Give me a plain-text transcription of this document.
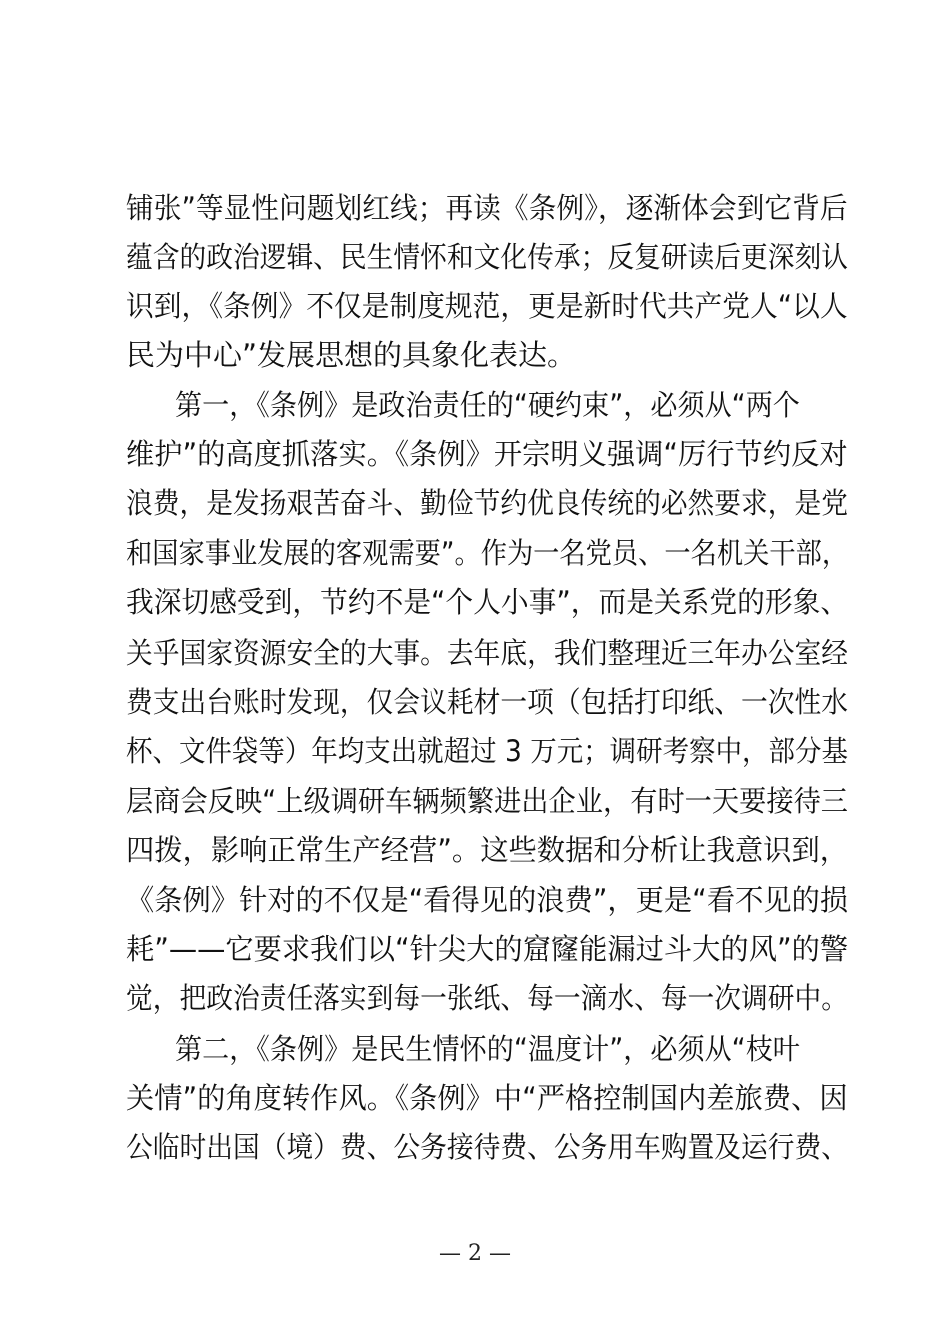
铺张”等显性问题划红线；再读《条例》，逐渐体会到它背后
蕴含的政治逻辑、民生情怀和文化传承；反复研读后更深刻认
识到，《条例》不仅是制度规范，更是新时代共产党人“以人
民为中心”发展思想的具象化表达。
第一，《条例》是政治责任的“硬约束”，必须从“两个
维护”的高度抓落实。《条例》开宗明义强调“厉行节约反对
浪费，是发扬艰苦奋斗、勤俭节约优良传统的必然要求，是党
和国家事业发展的客观需要”。作为一名党员、一名机关干部，
我深切感受到，节约不是“个人小事”，而是关系党的形象、
关乎国家资源安全的大事。去年底，我们整理近三年办公室经
费支出台账时发现，仅会议耗材一项（包括打印纸、一次性水
杯、文件袋等）年均支出就超过 3 万元；调研考察中，部分基
层商会反映“上级调研车辆频繁进出企业，有时一天要接待三
四拨，影响正常生产经营”。这些数据和分析让我意识到，
《条例》针对的不仅是“看得见的浪费”，更是“看不见的损
耗”——它要求我们以“针尖大的窟窿能漏过斗大的风”的警
觉，把政治责任落实到每一张纸、每一滴水、每一次调研中。
第二，《条例》是民生情怀的“温度计”，必须从“枝叶
关情”的角度转作风。《条例》中“严格控制国内差旅费、因
公临时出国（境）费、公务接待费、公务用车购置及运行费、
— 2 —
